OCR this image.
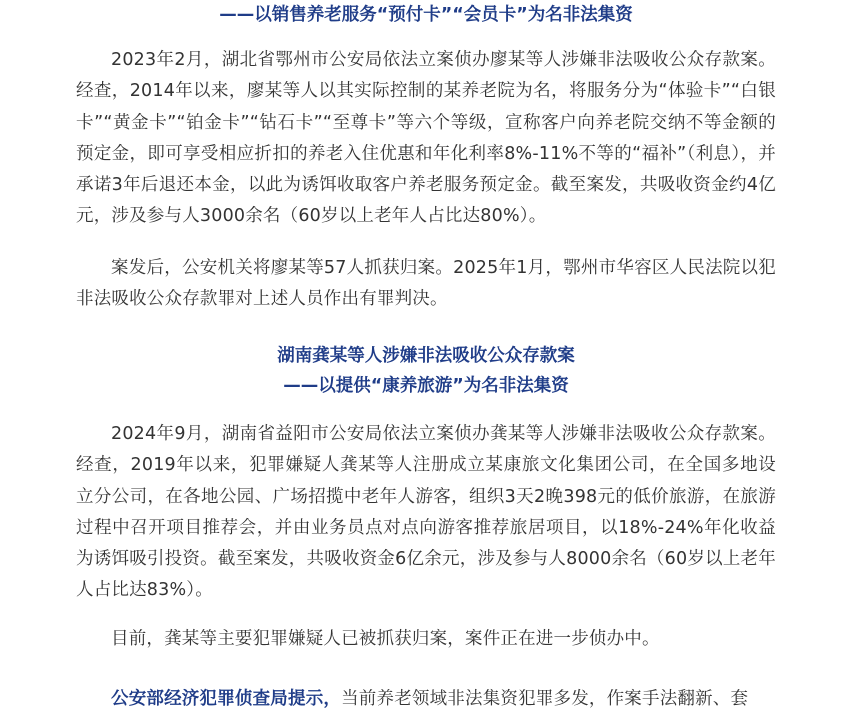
——以销售养老服务“预付卡”“会员卡”为名非法集资

2023年2月，湖北省鄂州市公安局依法立案侦办廖某等人涉嫌非法吸收公众存款案。经查，2014年以来，廖某等人以其实际控制的某养老院为名，将服务分为“体验卡”“白银卡”“黄金卡”“铂金卡”“钻石卡”“至尊卡”等六个等级，宣称客户向养老院交纳不等金额的预定金，即可享受相应折扣的养老入住优惠和年化利率8%-11%不等的“福补”（利息），并承诺3年后退还本金，以此为诱饵收取客户养老服务预定金。截至案发，共吸收资金约4亿元，涉及参与人3000余名（60岁以上老年人占比达80%）。

案发后，公安机关将廖某等57人抓获归案。2025年1月，鄂州市华容区人民法院以犯非法吸收公众存款罪对上述人员作出有罪判决。

湖南龚某等人涉嫌非法吸收公众存款案
——以提供“康养旅游”为名非法集资

2024年9月，湖南省益阳市公安局依法立案侦办龚某等人涉嫌非法吸收公众存款案。经查，2019年以来，犯罪嫌疑人龚某等人注册成立某康旅文化集团公司，在全国多地设立分公司，在各地公园、广场招揽中老年人游客，组织3天2晚398元的低价旅游，在旅游过程中召开项目推荐会，并由业务员点对点向游客推荐旅居项目，以18%-24%年化收益为诱饵吸引投资。截至案发，共吸收资金6亿余元，涉及参与人8000余名（60岁以上老年人占比达83%）。

目前，龚某等主要犯罪嫌疑人已被抓获归案，案件正在进一步侦办中。

公安部经济犯罪侦查局提示，当前养老领域非法集资犯罪多发，作案手法翻新、套
